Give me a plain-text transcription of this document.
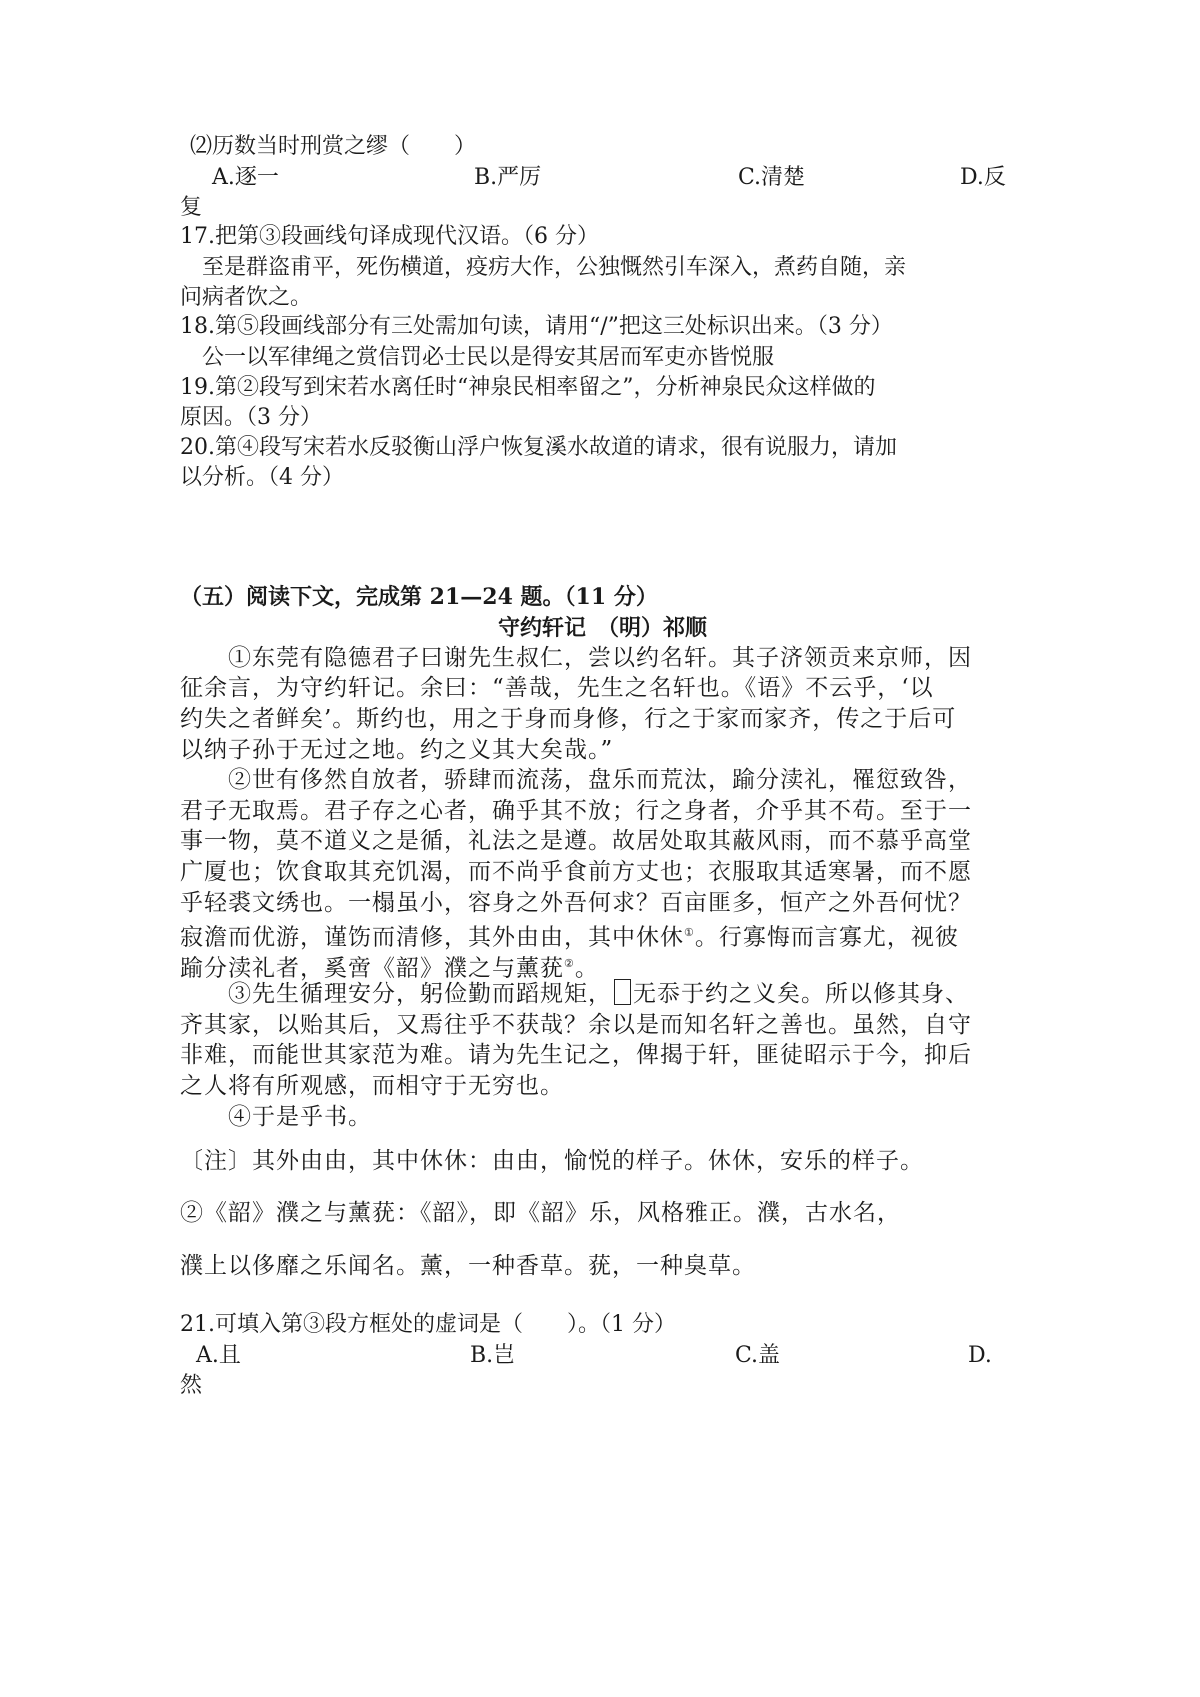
⑵历数当时刑赏之缪（　　）
A.逐一	B.严厉	C.清楚	D.反
复
17.把第③段画线句译成现代汉语。（6 分）
至是群盗甫平，死伤横道，疫疠大作，公独慨然引车深入，煮药自随，亲
问病者饮之。
18.第⑤段画线部分有三处需加句读，请用“/”把这三处标识出来。（3 分）
公一以军律绳之赏信罚必士民以是得安其居而军吏亦皆悦服
19.第②段写到宋若水离任时“神泉民相率留之”，分析神泉民众这样做的
原因。（3 分）
20.第④段写宋若水反驳衡山浮户恢复溪水故道的请求，很有说服力，请加
以分析。（4 分）
（五）阅读下文，完成第 21—24 题。（11 分）
守约轩记　（明）祁顺
①东莞有隐德君子曰谢先生叔仁，尝以约名轩。其子济领贡来京师，因
征余言，为守约轩记。余曰：“善哉，先生之名轩也。《语》不云乎，‘以
约失之者鲜矣’。斯约也，用之于身而身修，行之于家而家齐，传之于后可
以纳子孙于无过之地。约之义其大矣哉。”
②世有侈然自放者，骄肆而流荡，盘乐而荒汰，踰分渎礼，罹愆致咎，
君子无取焉。君子存之心者，确乎其不放；行之身者，介乎其不苟。至于一
事一物，莫不道义之是循，礼法之是遵。故居处取其蔽风雨，而不慕乎高堂
广厦也；饮食取其充饥渴，而不尚乎食前方丈也；衣服取其适寒暑，而不愿
乎轻裘文绣也。一榻虽小，容身之外吾何求？百亩匪多，恒产之外吾何忧？
寂澹而优游，谨饬而清修，其外由由，其中休休①。行寡悔而言寡尤，视彼
踰分渎礼者，奚啻《韶》濮之与薰莸②。
③先生循理安分，躬俭勤而蹈规矩， 无忝于约之义矣。所以修其身、
齐其家，以贻其后，又焉往乎不获哉？余以是而知名轩之善也。虽然，自守
非难，而能世其家范为难。请为先生记之，俾揭于轩，匪徒昭示于今，抑后
之人将有所观感，而相守于无穷也。
④于是乎书。
〔注〕其外由由，其中休休：由由，愉悦的样子。休休，安乐的样子。
②《韶》濮之与薰莸：《韶》，即《韶》乐，风格雅正。濮，古水名，
濮上以侈靡之乐闻名。薰，一种香草。莸，一种臭草。
21.可填入第③段方框处的虚词是（　　）。（1 分）
A.且	B.岂	C.盖	D.
然
